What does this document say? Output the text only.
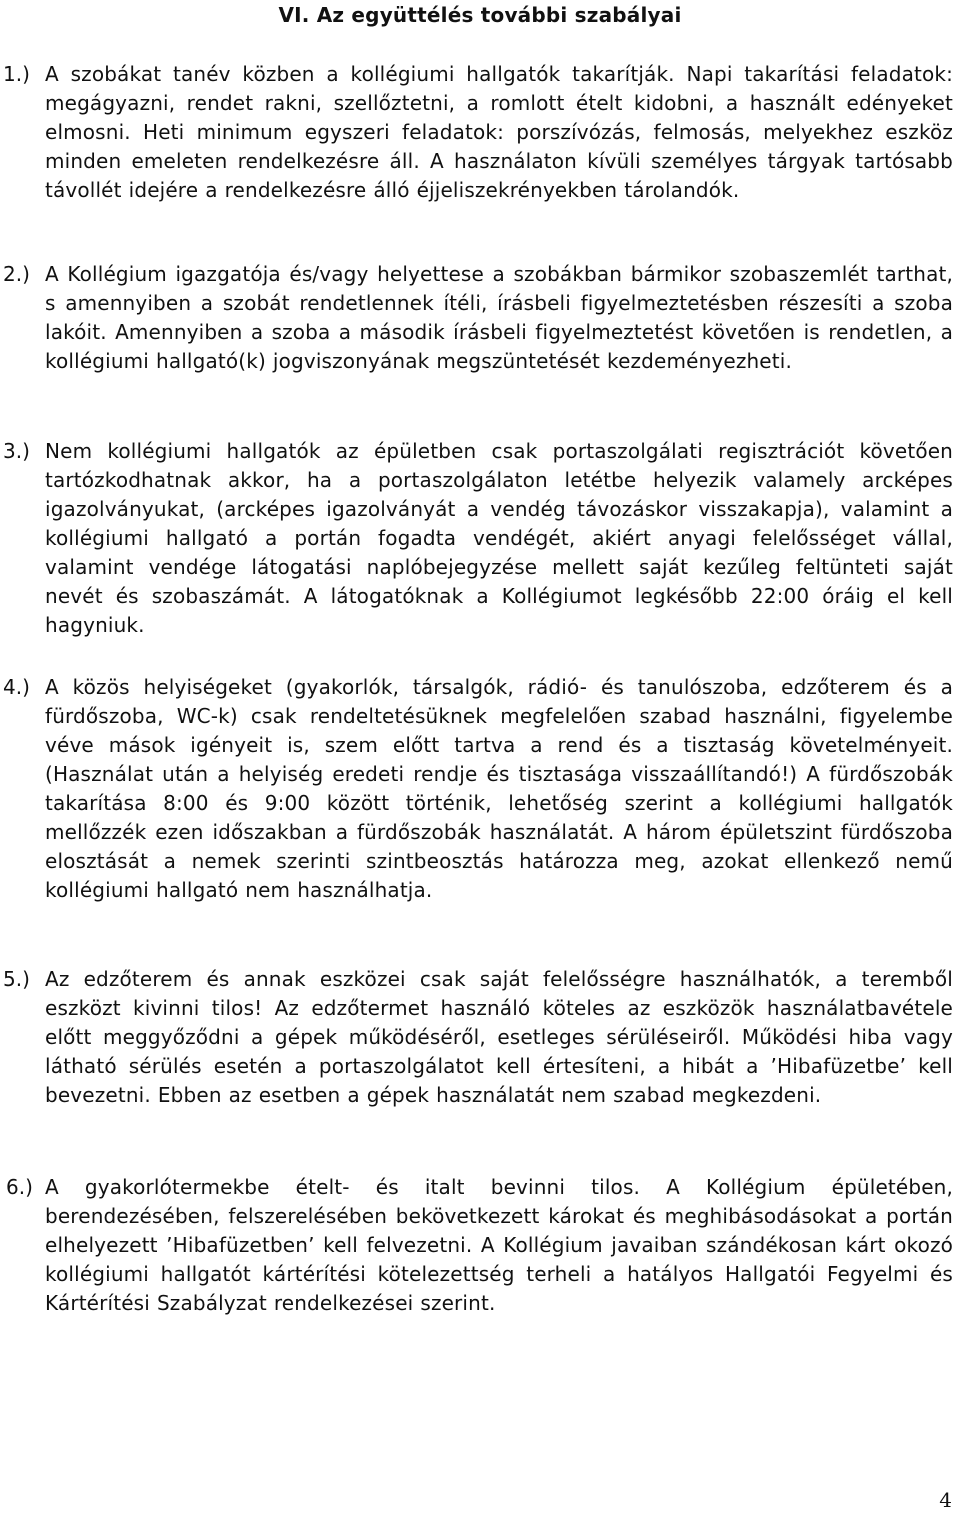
VI. Az együttélés további szabályai
1.) A szobákat tanév közben a kollégiumi hallgatók takarítják. Napi takarítási feladatok: megágyazni, rendet rakni, szellőztetni, a romlott ételt kidobni, a használt edényeket elmosni. Heti minimum egyszeri feladatok: porszívózás, felmosás, melyekhez eszköz minden emeleten rendelkezésre áll. A használaton kívüli személyes tárgyak tartósabb távollét idejére a rendelkezésre álló éjjeliszekrényekben tárolandók.
2.) A Kollégium igazgatója és/vagy helyettese a szobákban bármikor szobaszemlét tarthat, s amennyiben a szobát rendetlennek ítéli, írásbeli figyelmeztetésben részesíti a szoba lakóit. Amennyiben a szoba a második írásbeli figyelmeztetést követően is rendetlen, a kollégiumi hallgató(k) jogviszonyának megszüntetését kezdeményezheti.
3.) Nem kollégiumi hallgatók az épületben csak portaszolgálati regisztrációt követően tartózkodhatnak akkor, ha a portaszolgálaton letétbe helyezik valamely arcképes igazolványukat, (arcképes igazolványát a vendég távozáskor visszakapja), valamint a kollégiumi hallgató a portán fogadta vendégét, akiért anyagi felelősséget vállal, valamint vendége látogatási naplóbejegyzése mellett saját kezűleg feltünteti saját nevét és szobaszámát. A látogatóknak a Kollégiumot legkésőbb 22:00 óráig el kell hagyniuk.
4.) A közös helyiségeket (gyakorlók, társalgók, rádió- és tanulószoba, edzőterem és a fürdőszoba, WC-k) csak rendeltetésüknek megfelelően szabad használni, figyelembe véve mások igényeit is, szem előtt tartva a rend és a tisztaság követelményeit. (Használat után a helyiség eredeti rendje és tisztasága visszaállítandó!) A fürdőszobák takarítása 8:00 és 9:00 között történik, lehetőség szerint a kollégiumi hallgatók mellőzzék ezen időszakban a fürdőszobák használatát. A három épületszint fürdőszoba elosztását a nemek szerinti szintbeosztás határozza meg, azokat ellenkező nemű kollégiumi hallgató nem használhatja.
5.) Az edzőterem és annak eszközei csak saját felelősségre használhatók, a teremből eszközt kivinni tilos! Az edzőtermet használó köteles az eszközök használatbavétele előtt meggyőződni a gépek működéséről, esetleges sérüléseiről. Működési hiba vagy látható sérülés esetén a portaszolgálatot kell értesíteni, a hibát a ’Hibafüzetbe’ kell bevezetni. Ebben az esetben a gépek használatát nem szabad megkezdeni.
6.) A gyakorlótermekbe ételt- és italt bevinni tilos. A Kollégium épületében, berendezésében, felszerelésében bekövetkezett károkat és meghibásodásokat a portán elhelyezett ’Hibafüzetben’ kell felvezetni. A Kollégium javaiban szándékosan kárt okozó kollégiumi hallgatót kártérítési kötelezettség terheli a hatályos Hallgatói Fegyelmi és Kártérítési Szabályzat rendelkezései szerint.
4
